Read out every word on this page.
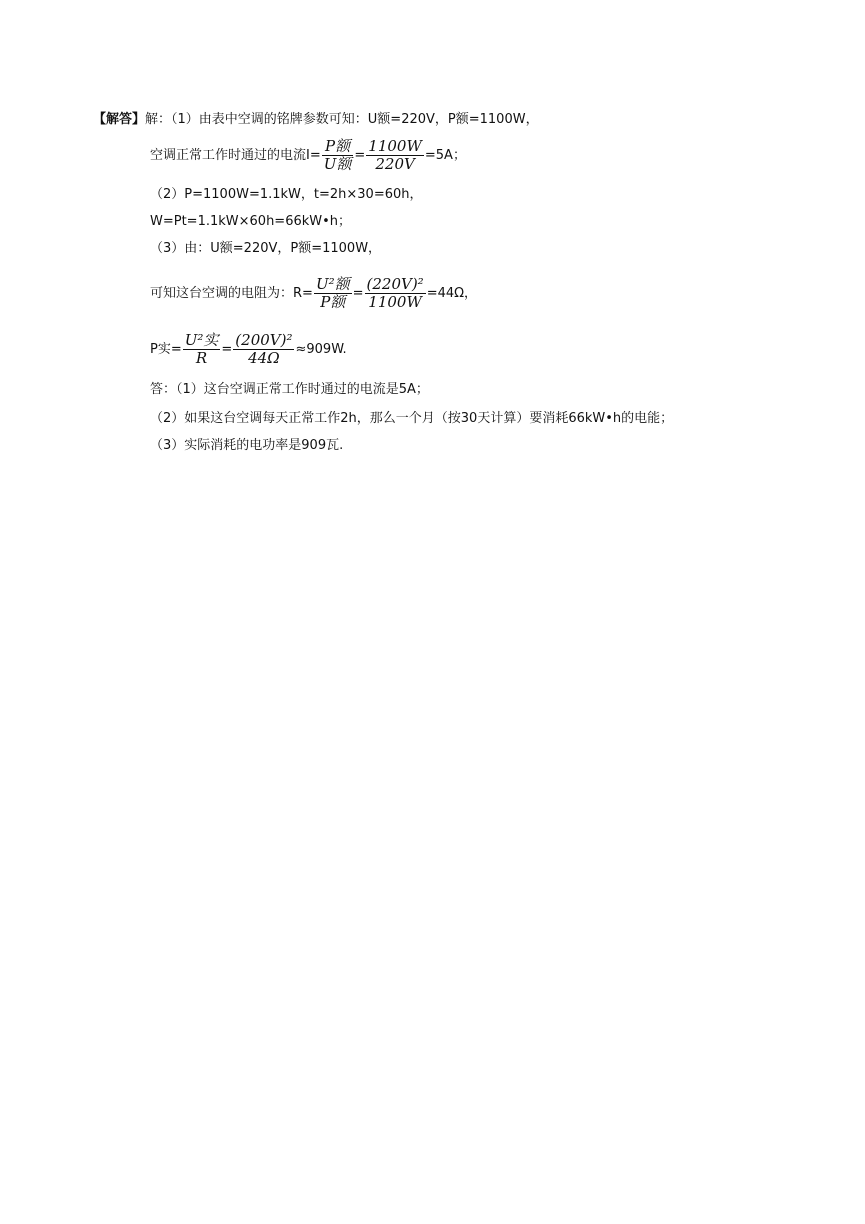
【解答】解：（1）由表中空调的铭牌参数可知：U额=220V，P额=1100W，
空调正常工作时通过的电流$I= \frac{\text{P额}}{\text{U额}} = \frac{1100W}{220V} =5A$；
（2）P=1100W=1.1kW，t=2h×30=60h，
W=Pt=1.1kW×60h=66kW•h；
（3）由：U额=220V，P额=1100W，
可知这台空调的电阻为：$R= \frac{\text{U²额}}{\text{P额}} = \frac{\text{(220V)²}}{1100W} =44\Omega$，
P实= $\frac{\text{U²实}}{R} = \frac{\text{(200V)²}}{44\Omega} \approx 909W$.
答：（1）这台空调正常工作时通过的电流是5A；
（2）如果这台空调每天正常工作2h，那么一个月（按30天计算）要消耗66kW•h的电能；
（3）实际消耗的电功率是909瓦.
